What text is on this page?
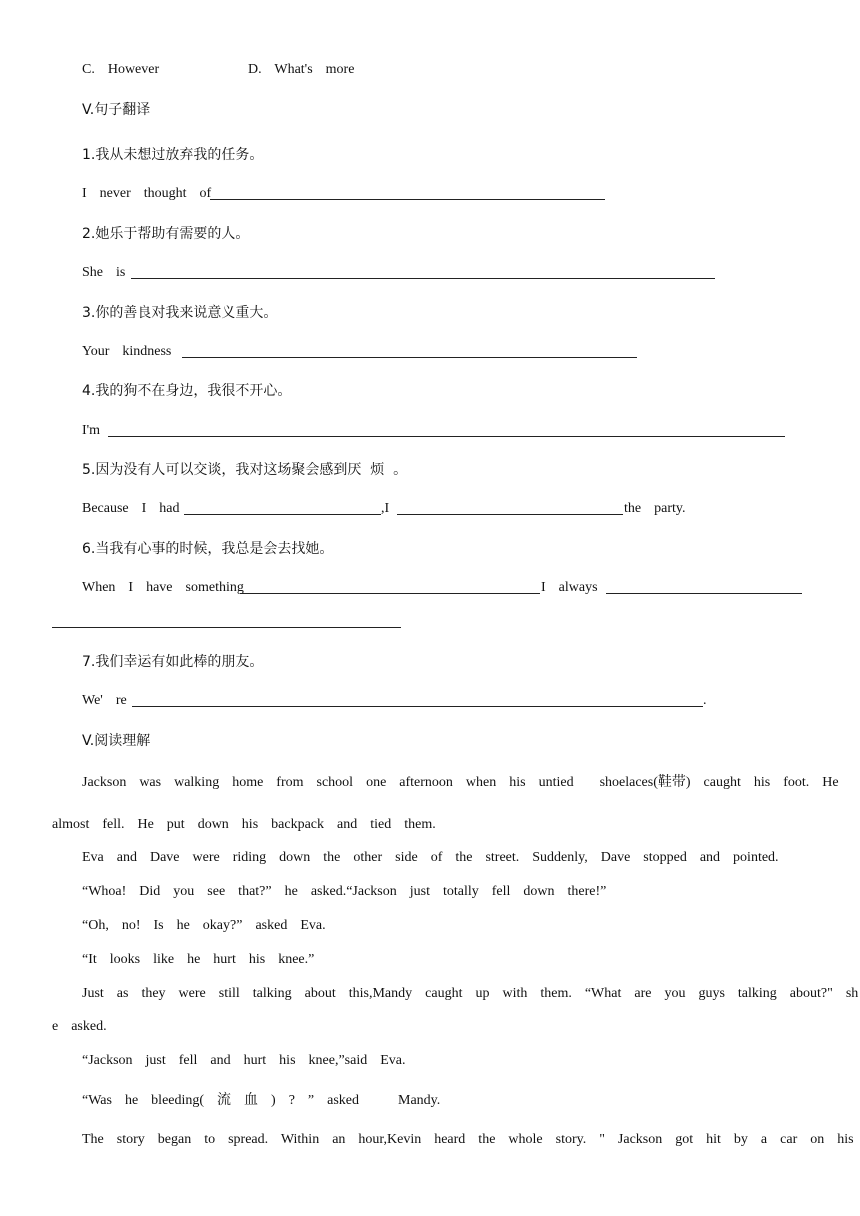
C.  However	D.  What's  more
V.句子翻译
1.我从未想过放弃我的任务。
I  never  thought  of
2.她乐于帮助有需要的人。
She  is
3.你的善良对我来说意义重大。
Your  kindness
4.我的狗不在身边，我很不开心。
I'm
5.因为没有人可以交谈，我对这场聚会感到厌  烦  。
Because  I  had	,I	the  party.
6.当我有心事的时候，我总是会去找她。
When  I  have  something	I  always
7.我们幸运有如此棒的朋友。
We'  re	.
V.阅读理解
Jackson  was  walking  home  from  school  one  afternoon  when  his  untied    shoelaces(鞋带)  caught  his  foot.  He
almost  fell.  He  put  down  his  backpack  and  tied  them.
Eva  and  Dave  were  riding  down  the  other  side  of  the  street.  Suddenly,  Dave  stopped  and  pointed.
“Whoa!  Did  you  see  that?”  he  asked.“Jackson  just  totally  fell  down  there!”
“Oh,  no!  Is  he  okay?”  asked  Eva.
“It  looks  like  he  hurt  his  knee.”
Just  as  they  were  still  talking  about  this,Mandy  caught  up  with  them.  “What  are  you  guys  talking  about?"  sh
e  asked.
“Jackson  just  fell  and  hurt  his  knee,”said  Eva.
“Was  he  bleeding(  流  血  )  ?  ”  asked      Mandy.
The  story  began  to  spread.  Within  an  hour,Kevin  heard  the  whole  story.  "  Jackson  got  hit  by  a  car  on  his
